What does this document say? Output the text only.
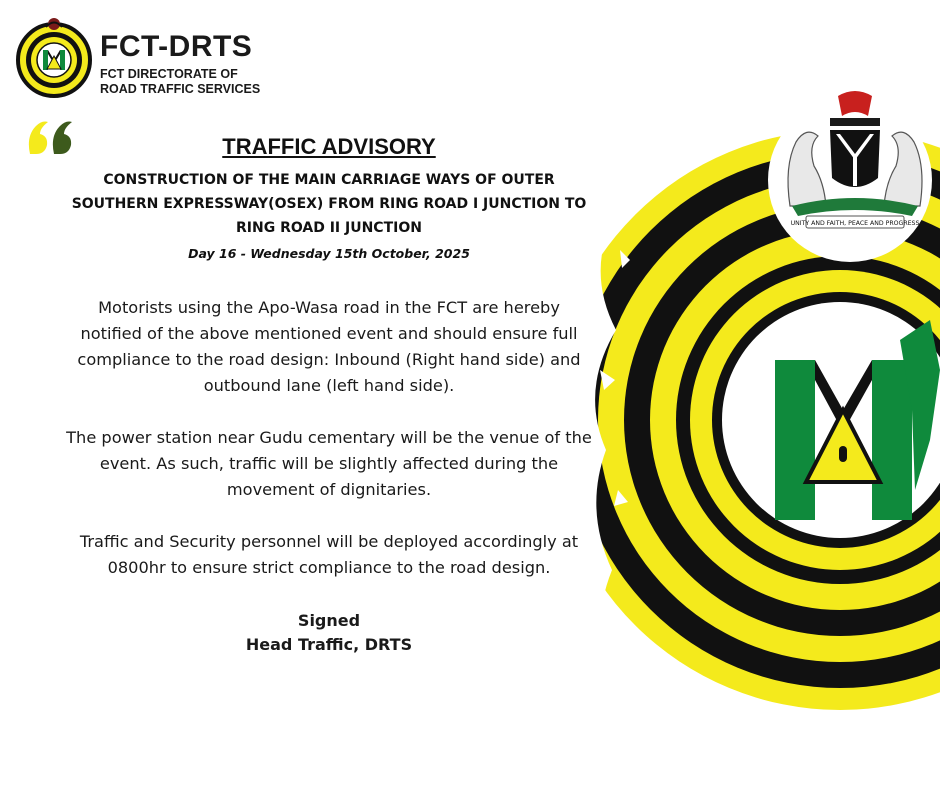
FCT-DRTS
FCT DIRECTORATE OF
ROAD TRAFFIC SERVICES
UNITY AND FAITH, PEACE AND PROGRESS
TRAFFIC ADVISORY
CONSTRUCTION OF THE MAIN CARRIAGE WAYS OF OUTER
SOUTHERN EXPRESSWAY(OSEX) FROM RING ROAD I JUNCTION TO
RING ROAD II JUNCTION
Day 16 - Wednesday 15th October, 2025
Motorists using the Apo-Wasa road in the FCT are hereby
notified of the above mentioned event and should ensure full
compliance to the road design: Inbound (Right hand side) and
outbound lane (left hand side).
The power station near Gudu cementary will be the venue of the
event. As such, traffic will be slightly affected during the
movement of dignitaries.
Traffic and Security personnel will be deployed accordingly at
0800hr to ensure strict compliance to the road design.
Signed
Head Traffic, DRTS
